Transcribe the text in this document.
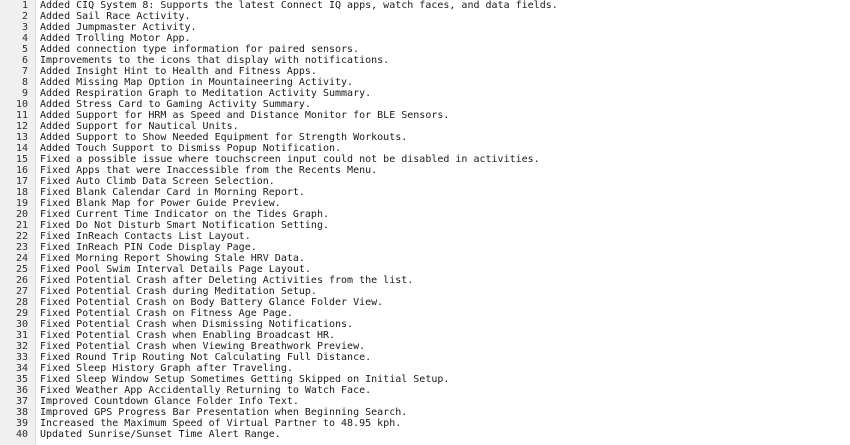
1	Added CIQ System 8: Supports the latest Connect IQ apps, watch faces, and data fields.
2	Added Sail Race Activity.
3	Added Jumpmaster Activity.
4	Added Trolling Motor App.
5	Added connection type information for paired sensors.
6	Improvements to the icons that display with notifications.
7	Added Insight Hint to Health and Fitness Apps.
8	Added Missing Map Option in Mountaineering Activity.
9	Added Respiration Graph to Meditation Activity Summary.
10	Added Stress Card to Gaming Activity Summary.
11	Added Support for HRM as Speed and Distance Monitor for BLE Sensors.
12	Added Support for Nautical Units.
13	Added Support to Show Needed Equipment for Strength Workouts.
14	Added Touch Support to Dismiss Popup Notification.
15	Fixed a possible issue where touchscreen input could not be disabled in activities.
16	Fixed Apps that were Inaccessible from the Recents Menu.
17	Fixed Auto Climb Data Screen Selection.
18	Fixed Blank Calendar Card in Morning Report.
19	Fixed Blank Map for Power Guide Preview.
20	Fixed Current Time Indicator on the Tides Graph.
21	Fixed Do Not Disturb Smart Notification Setting.
22	Fixed InReach Contacts List Layout.
23	Fixed InReach PIN Code Display Page.
24	Fixed Morning Report Showing Stale HRV Data.
25	Fixed Pool Swim Interval Details Page Layout.
26	Fixed Potential Crash after Deleting Activities from the list.
27	Fixed Potential Crash during Meditation Setup.
28	Fixed Potential Crash on Body Battery Glance Folder View.
29	Fixed Potential Crash on Fitness Age Page.
30	Fixed Potential Crash when Dismissing Notifications.
31	Fixed Potential Crash when Enabling Broadcast HR.
32	Fixed Potential Crash when Viewing Breathwork Preview.
33	Fixed Round Trip Routing Not Calculating Full Distance.
34	Fixed Sleep History Graph after Traveling.
35	Fixed Sleep Window Setup Sometimes Getting Skipped on Initial Setup.
36	Fixed Weather App Accidentally Returning to Watch Face.
37	Improved Countdown Glance Folder Info Text.
38	Improved GPS Progress Bar Presentation when Beginning Search.
39	Increased the Maximum Speed of Virtual Partner to 48.95 kph.
40	Updated Sunrise/Sunset Time Alert Range.
